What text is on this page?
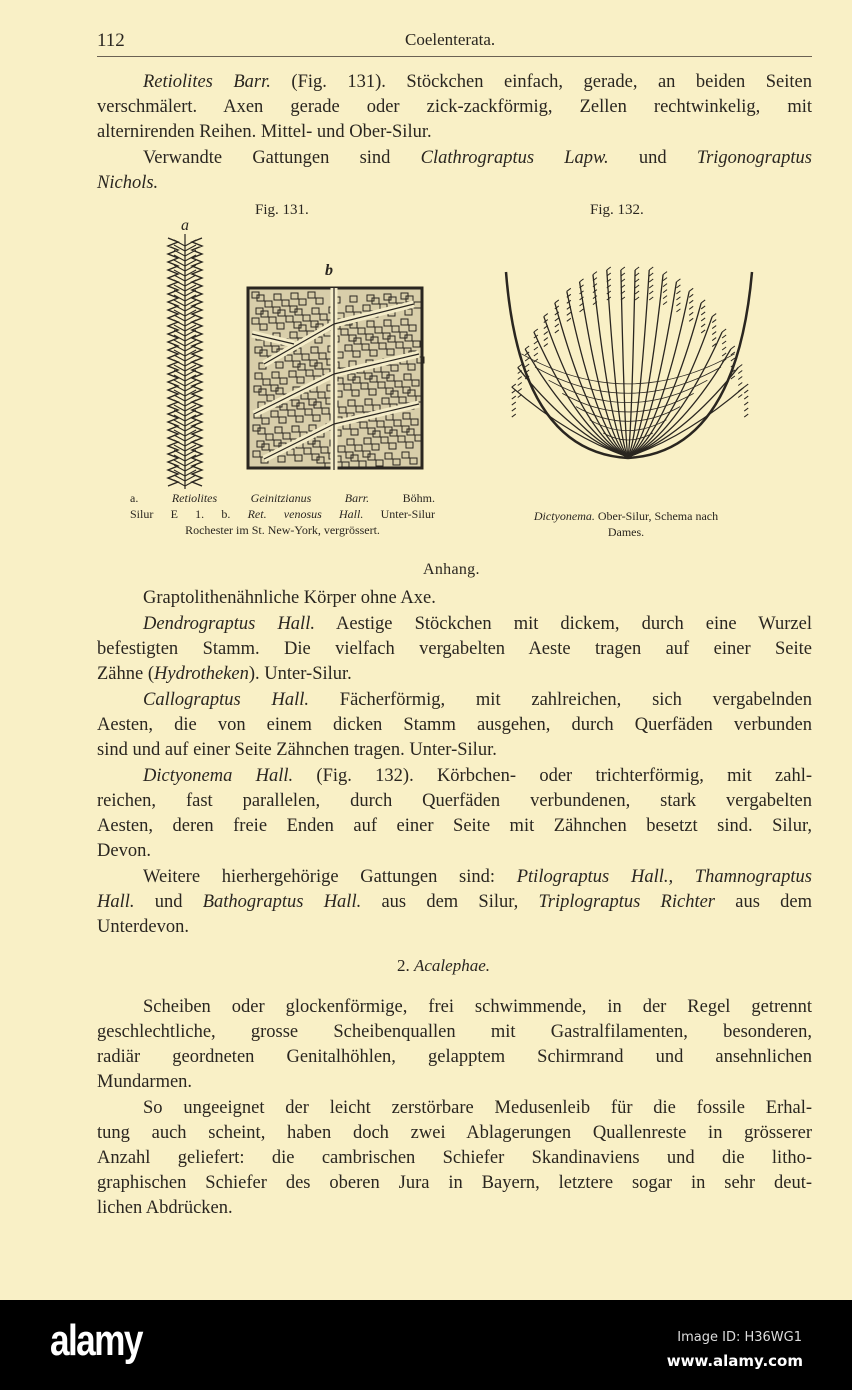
112	Coelenterata.
Retiolites Barr. (Fig. 131). Stöckchen einfach, gerade, an beiden Seiten
verschmälert. Axen gerade oder zick-zackförmig, Zellen rechtwinkelig, mit
alternirenden Reihen. Mittel- und Ober-Silur.
Verwandte Gattungen sind Clathrograptus Lapw. und Trigonograptus
Nichols.
Fig. 131.	Fig. 132.
a
b
a. Retiolites Geinitzianus Barr. Böhm.
Silur E 1. b. Ret. venosus Hall. Unter-Silur
Rochester im St. New-York, vergrössert.
Dictyonema. Ober-Silur, Schema nach
Dames.
Anhang.
Graptolithenähnliche Körper ohne Axe.
Dendrograptus Hall. Aestige Stöckchen mit dickem, durch eine Wurzel
befestigten Stamm. Die vielfach vergabelten Aeste tragen auf einer Seite
Zähne (Hydrotheken). Unter-Silur.
Callograptus Hall. Fächerförmig, mit zahlreichen, sich vergabelnden
Aesten, die von einem dicken Stamm ausgehen, durch Querfäden verbunden
sind und auf einer Seite Zähnchen tragen. Unter-Silur.
Dictyonema Hall. (Fig. 132). Körbchen- oder trichterförmig, mit zahl-
reichen, fast parallelen, durch Querfäden verbundenen, stark vergabelten
Aesten, deren freie Enden auf einer Seite mit Zähnchen besetzt sind. Silur,
Devon.
Weitere hierhergehörige Gattungen sind: Ptilograptus Hall., Thamnograptus
Hall. und Bathograptus Hall. aus dem Silur, Triplograptus Richter aus dem
Unterdevon.
2. Acalephae.
Scheiben oder glockenförmige, frei schwimmende, in der Regel getrennt
geschlechtliche, grosse Scheibenquallen mit Gastralfilamenten, besonderen,
radiär geordneten Genitalhöhlen, gelapptem Schirmrand und ansehnlichen
Mundarmen.
So ungeeignet der leicht zerstörbare Medusenleib für die fossile Erhal-
tung auch scheint, haben doch zwei Ablagerungen Quallenreste in grösserer
Anzahl geliefert: die cambrischen Schiefer Skandinaviens und die litho-
graphischen Schiefer des oberen Jura in Bayern, letztere sogar in sehr deut-
lichen Abdrücken.
alamy	Image ID: H36WG1
www.alamy.com
